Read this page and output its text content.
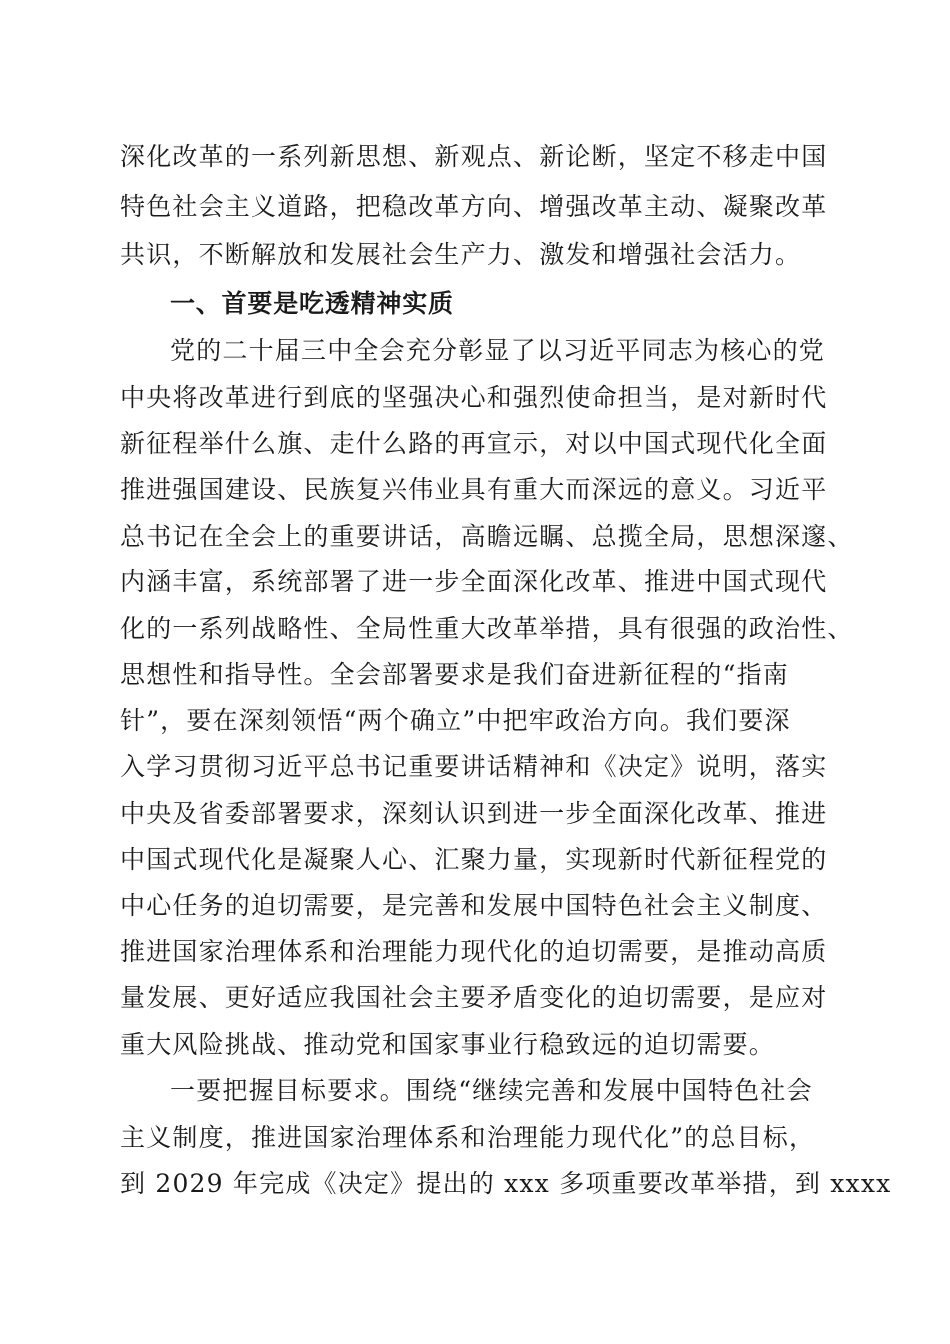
深化改革的一系列新思想、新观点、新论断，坚定不移走中国
特色社会主义道路，把稳改革方向、增强改革主动、凝聚改革
共识，不断解放和发展社会生产力、激发和增强社会活力。
一、首要是吃透精神实质
党的二十届三中全会充分彰显了以习近平同志为核心的党
中央将改革进行到底的坚强决心和强烈使命担当，是对新时代
新征程举什么旗、走什么路的再宣示，对以中国式现代化全面
推进强国建设、民族复兴伟业具有重大而深远的意义。习近平
总书记在全会上的重要讲话，高瞻远瞩、总揽全局，思想深邃、
内涵丰富，系统部署了进一步全面深化改革、推进中国式现代
化的一系列战略性、全局性重大改革举措，具有很强的政治性、
思想性和指导性。全会部署要求是我们奋进新征程的“指南
针”，要在深刻领悟“两个确立”中把牢政治方向。我们要深
入学习贯彻习近平总书记重要讲话精神和《决定》说明，落实
中央及省委部署要求，深刻认识到进一步全面深化改革、推进
中国式现代化是凝聚人心、汇聚力量，实现新时代新征程党的
中心任务的迫切需要，是完善和发展中国特色社会主义制度、
推进国家治理体系和治理能力现代化的迫切需要，是推动高质
量发展、更好适应我国社会主要矛盾变化的迫切需要，是应对
重大风险挑战、推动党和国家事业行稳致远的迫切需要。
一要把握目标要求。围绕“继续完善和发展中国特色社会
主义制度，推进国家治理体系和治理能力现代化”的总目标，
到 2029 年完成《决定》提出的 xxx 多项重要改革举措，到 xxxx
